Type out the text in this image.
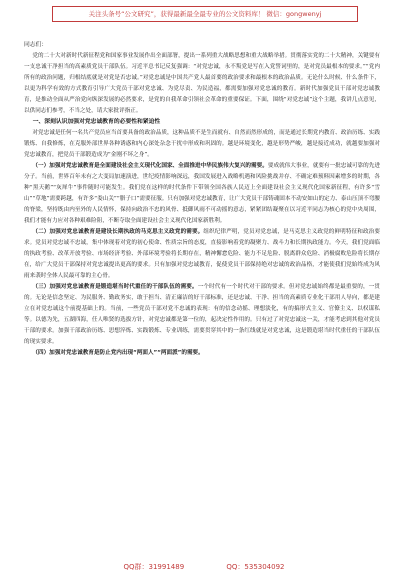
关注头条号“公文研究”，获得最新最全最专业的公文资料库！ 微信：gongwenyj
同志们：

党的二十大对新时代新征程党和国家事业发展作出全面部署，提出一系列重大战略思想和重大战略举措。贯彻落实党的二十大精神，关键要有一支忠诚干净担当的高素质党员干部队伍。习近平总书记反复强调：“对党忠诚，永不叛党是写在入党誓词里的，是对党员最根本的要求。”“党内所有的政治问题，归根结底就是对党是否忠诚。”对党忠诚是中国共产党人最首要的政治要求和最根本的政治品质。无论什么时候、什么条件下，以更为科学有效的方式教育引导广大党员干部对党忠诚、为党尽责、为民造福，都需要加强对党忠诚的教育。新时代加强党员干部对党忠诚教育，是推动全面从严治党向纵深发展的必然要求，是党的自我革命引领社会革命的重要保证。下面，围绕“对党忠诚”这个主题，我讲几点意见，以供同志们参考，不当之处，请大家批评指正。

一、深刻认识加强对党忠诚教育的必要性和紧迫性

对党忠诚是任何一名共产党员应当首要具备的政治品质，这种品质不是生而就有、自然而然形成的，而是通过长期党内教育、政治历练、实践锻炼、自我修炼，在克服外部世界各种诱惑和内心深处杂念干扰中形成和巩固的。越是环境变化，越是形势严峻，越是接近成功，就越要加强对党忠诚教育，把党员干部锻造成为“金刚不坏之身”。

（一）加强对党忠诚教育是全面建设社会主义现代化国家、全面推进中华民族伟大复兴的需要。要成就伟大事业，就要有一批忠诚可靠的先进分子。当前，世界百年未有之大变局加速演进，世纪疫情影响深远，我国发展进入战略机遇和风险挑战并存、不确定难预料因素增多的时期，各种“黑天鹅”“灰犀牛”事件随时可能发生。我们党在这样的时代条件下带领全国各族人民迈上全面建设社会主义现代化国家新征程，有许多“雪山”“草地”需要跨越，有许多“娄山关”“腊子口”需要征服。只有加强对党忠诚教育，让广大党员干部铸魂固本不动安如山的定力、泰山压顶不弯腰的脊梁，坚持既由内至外的人民情怀，保持向政治不忠的风骨、抵御风雨不可动摇的意志，紧紧团结凝聚在以习近平同志为核心的党中央周围，我们才能有力应对各种艰难险阻，不断夺取全面建设社会主义现代化国家新胜利。

（二）加强对党忠诚教育是建设长期执政的马克思主义政党的需要。组织纪律严明，党员对党忠诚，是马克思主义政党的鲜明特征和政治要求。党员对党忠诚不忠诚，集中体现着对党的初心使命、性质宗旨的态度，直接影响着党的凝聚力、战斗力和长期执政能力。今天，我们党面临的执政考验、改革开放考验、市场经济考验、外部环境考验将长期存在，精神懈怠危险、能力不足危险、脱离群众危险、消极腐败危险将长期存在，给广大党员干部保持对党忠诚提出更高的要求。只有加强对党忠诚教育，促使党员干部保持绝对忠诚的政治品格，才能使我们党始终成为风雨来袭时全体人民最可靠的主心骨。

（三）加强对党忠诚教育是锻造堪当时代重任的干部队伍的需要。一个时代有一个时代对干部的要求。但对党忠诚始终都是最重要的，一贯的。无论是信念坚定、为民服务、勤政务实，敢于担当、清正廉洁的好干部标准，还是忠诚、干净、担当的高素质专业化干部用人导向，都是建立在对党忠诚这个前提基础上的。当前，一些党员干部对党不忠诚的表现：有的信念动摇、理想淡化，有的搞形式主义、官僚主义、以权谋私等。以德为先，五湖四海，任人唯贤的选拔方针，对党忠诚都是第一位的，起决定性作用的。只有过了对党忠诚这一关，才能考虑到其他对党员干部的要求。加强干部政治历练、思想淬炼、实践锻炼、专业训练，需要贯穿其中的一条红线就是对党忠诚，这是锻造堪当时代重任的干部队伍的现实要求。

（四）加强对党忠诚教育是防止党内出现“两面人”“两面派”的需要。

QQ群：31991489	QQ：535304092
